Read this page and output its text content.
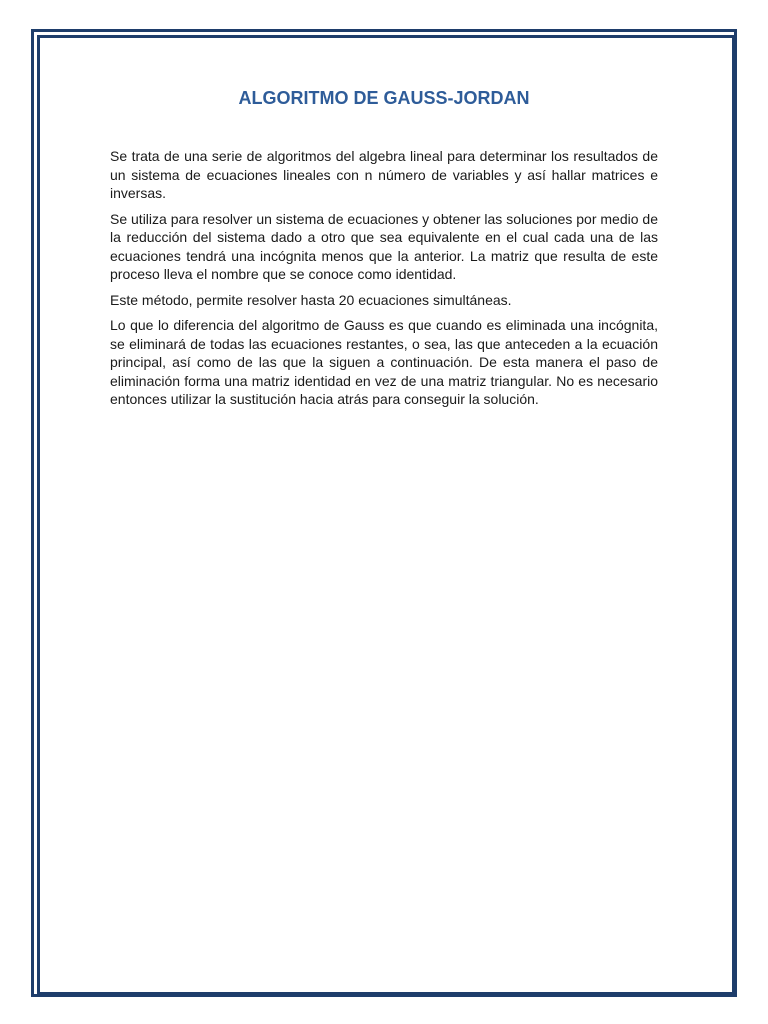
ALGORITMO DE GAUSS-JORDAN

Se trata de una serie de algoritmos del algebra lineal para determinar los resultados de un sistema de ecuaciones lineales con n número de variables y así hallar matrices e inversas.

Se utiliza para resolver un sistema de ecuaciones y obtener las soluciones por medio de la reducción del sistema dado a otro que sea equivalente en el cual cada una de las ecuaciones tendrá una incógnita menos que la anterior. La matriz que resulta de este proceso lleva el nombre que se conoce como identidad.

Este método, permite resolver hasta 20 ecuaciones simultáneas.

Lo que lo diferencia del algoritmo de Gauss es que cuando es eliminada una incógnita, se eliminará de todas las ecuaciones restantes, o sea, las que anteceden a la ecuación principal, así como de las que la siguen a continuación. De esta manera el paso de eliminación forma una matriz identidad en vez de una matriz triangular. No es necesario entonces utilizar la sustitución hacia atrás para conseguir la solución.
